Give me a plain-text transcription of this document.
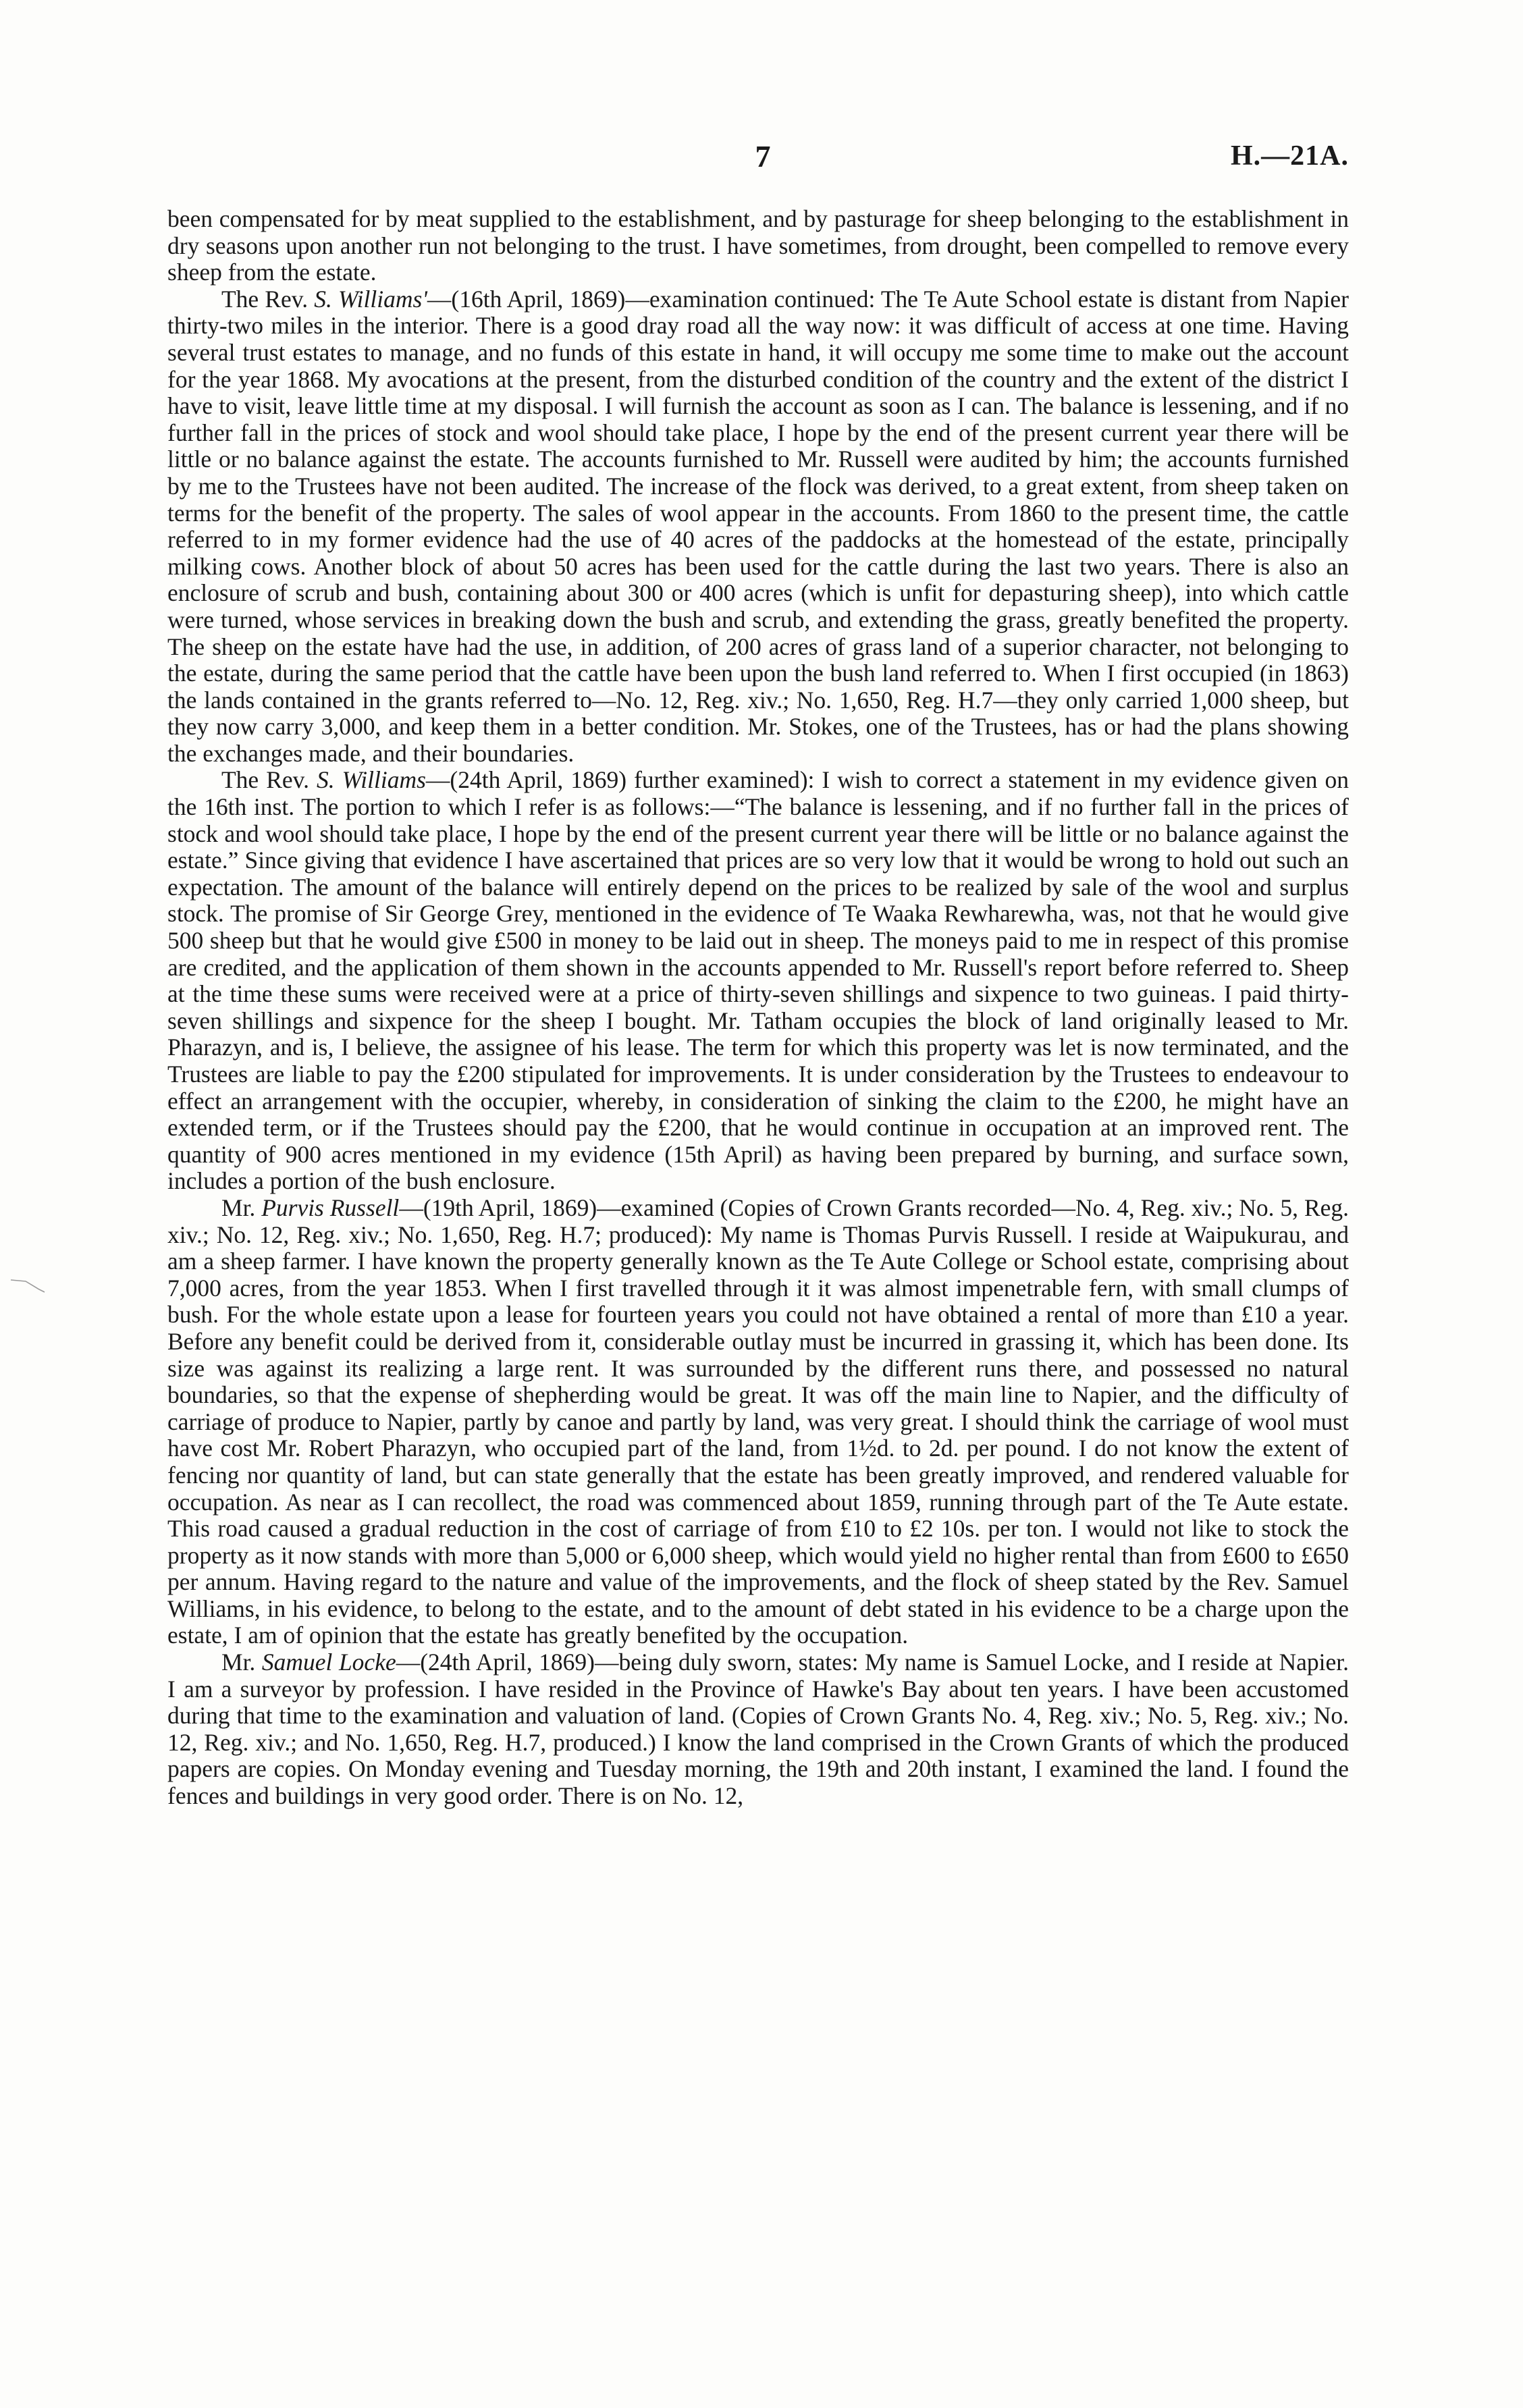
7	H.—21A.

been compensated for by meat supplied to the establishment, and by pasturage for sheep belonging to the establishment in dry seasons upon another run not belonging to the trust. I have sometimes, from drought, been compelled to remove every sheep from the estate.

The Rev. S. Williams'—(16th April, 1869)—examination continued: The Te Aute School estate is distant from Napier thirty-two miles in the interior. There is a good dray road all the way now: it was difficult of access at one time. Having several trust estates to manage, and no funds of this estate in hand, it will occupy me some time to make out the account for the year 1868. My avocations at the present, from the disturbed condition of the country and the extent of the district I have to visit, leave little time at my disposal. I will furnish the account as soon as I can. The balance is lessening, and if no further fall in the prices of stock and wool should take place, I hope by the end of the present current year there will be little or no balance against the estate. The accounts furnished to Mr. Russell were audited by him; the accounts furnished by me to the Trustees have not been audited. The increase of the flock was derived, to a great extent, from sheep taken on terms for the benefit of the property. The sales of wool appear in the accounts. From 1860 to the present time, the cattle referred to in my former evidence had the use of 40 acres of the paddocks at the homestead of the estate, principally milking cows. Another block of about 50 acres has been used for the cattle during the last two years. There is also an enclosure of scrub and bush, containing about 300 or 400 acres (which is unfit for depasturing sheep), into which cattle were turned, whose services in breaking down the bush and scrub, and extending the grass, greatly benefited the property. The sheep on the estate have had the use, in addition, of 200 acres of grass land of a superior character, not belonging to the estate, during the same period that the cattle have been upon the bush land referred to. When I first occupied (in 1863) the lands contained in the grants referred to—No. 12, Reg. xiv.; No. 1,650, Reg. H.7—they only carried 1,000 sheep, but they now carry 3,000, and keep them in a better condition. Mr. Stokes, one of the Trustees, has or had the plans showing the exchanges made, and their boundaries.

The Rev. S. Williams—(24th April, 1869) further examined): I wish to correct a statement in my evidence given on the 16th inst. The portion to which I refer is as follows:—“The balance is lessening, and if no further fall in the prices of stock and wool should take place, I hope by the end of the present current year there will be little or no balance against the estate.” Since giving that evidence I have ascertained that prices are so very low that it would be wrong to hold out such an expectation. The amount of the balance will entirely depend on the prices to be realized by sale of the wool and surplus stock. The promise of Sir George Grey, mentioned in the evidence of Te Waaka Rewharewha, was, not that he would give 500 sheep but that he would give £500 in money to be laid out in sheep. The moneys paid to me in respect of this promise are credited, and the application of them shown in the accounts appended to Mr. Russell's report before referred to. Sheep at the time these sums were received were at a price of thirty-seven shillings and sixpence to two guineas. I paid thirty-seven shillings and sixpence for the sheep I bought. Mr. Tatham occupies the block of land originally leased to Mr. Pharazyn, and is, I believe, the assignee of his lease. The term for which this property was let is now terminated, and the Trustees are liable to pay the £200 stipulated for improvements. It is under consideration by the Trustees to endeavour to effect an arrangement with the occupier, whereby, in consideration of sinking the claim to the £200, he might have an extended term, or if the Trustees should pay the £200, that he would continue in occupation at an improved rent. The quantity of 900 acres mentioned in my evidence (15th April) as having been prepared by burning, and surface sown, includes a portion of the bush enclosure.

Mr. Purvis Russell—(19th April, 1869)—examined (Copies of Crown Grants recorded—No. 4, Reg. xiv.; No. 5, Reg. xiv.; No. 12, Reg. xiv.; No. 1,650, Reg. H.7; produced): My name is Thomas Purvis Russell. I reside at Waipukurau, and am a sheep farmer. I have known the property generally known as the Te Aute College or School estate, comprising about 7,000 acres, from the year 1853. When I first travelled through it it was almost impenetrable fern, with small clumps of bush. For the whole estate upon a lease for fourteen years you could not have obtained a rental of more than £10 a year. Before any benefit could be derived from it, considerable outlay must be incurred in grassing it, which has been done. Its size was against its realizing a large rent. It was surrounded by the different runs there, and possessed no natural boundaries, so that the expense of shepherding would be great. It was off the main line to Napier, and the difficulty of carriage of produce to Napier, partly by canoe and partly by land, was very great. I should think the carriage of wool must have cost Mr. Robert Pharazyn, who occupied part of the land, from 1½d. to 2d. per pound. I do not know the extent of fencing nor quantity of land, but can state generally that the estate has been greatly improved, and rendered valuable for occupation. As near as I can recollect, the road was commenced about 1859, running through part of the Te Aute estate. This road caused a gradual reduction in the cost of carriage of from £10 to £2 10s. per ton. I would not like to stock the property as it now stands with more than 5,000 or 6,000 sheep, which would yield no higher rental than from £600 to £650 per annum. Having regard to the nature and value of the improvements, and the flock of sheep stated by the Rev. Samuel Williams, in his evidence, to belong to the estate, and to the amount of debt stated in his evidence to be a charge upon the estate, I am of opinion that the estate has greatly benefited by the occupation.

Mr. Samuel Locke—(24th April, 1869)—being duly sworn, states: My name is Samuel Locke, and I reside at Napier. I am a surveyor by profession. I have resided in the Province of Hawke's Bay about ten years. I have been accustomed during that time to the examination and valuation of land. (Copies of Crown Grants No. 4, Reg. xiv.; No. 5, Reg. xiv.; No. 12, Reg. xiv.; and No. 1,650, Reg. H.7, produced.) I know the land comprised in the Crown Grants of which the produced papers are copies. On Monday evening and Tuesday morning, the 19th and 20th instant, I examined the land. I found the fences and buildings in very good order. There is on No. 12,
